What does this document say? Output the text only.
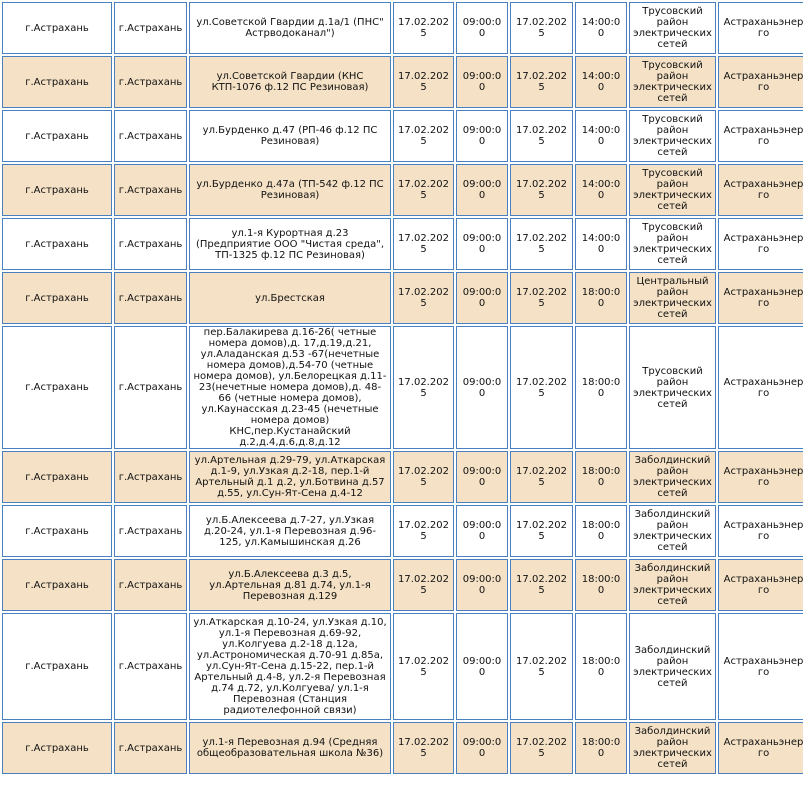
г.Астрахань	г.Астрахань	ул.Советской Гвардии д.1а/1 (ПНС" Астрводоканал")	17.02.2025	09:00:00	17.02.2025	14:00:00	Трусовский район электрических сетей	Астраханьэнерго
г.Астрахань	г.Астрахань	ул.Советской Гвардии (КНС КТП-1076 ф.12 ПС Резиновая)	17.02.2025	09:00:00	17.02.2025	14:00:00	Трусовский район электрических сетей	Астраханьэнерго
г.Астрахань	г.Астрахань	ул.Бурденко д.47 (РП-46 ф.12 ПС Резиновая)	17.02.2025	09:00:00	17.02.2025	14:00:00	Трусовский район электрических сетей	Астраханьэнерго
г.Астрахань	г.Астрахань	ул.Бурденко д.47а (ТП-542 ф.12 ПС Резиновая)	17.02.2025	09:00:00	17.02.2025	14:00:00	Трусовский район электрических сетей	Астраханьэнерго
г.Астрахань	г.Астрахань	ул.1-я Курортная д.23 (Предприятие ООО "Чистая среда", ТП-1325 ф.12 ПС Резиновая)	17.02.2025	09:00:00	17.02.2025	14:00:00	Трусовский район электрических сетей	Астраханьэнерго
г.Астрахань	г.Астрахань	ул.Брестская	17.02.2025	09:00:00	17.02.2025	18:00:00	Центральный район электрических сетей	Астраханьэнерго
г.Астрахань	г.Астрахань	пер.Балакирева д.16-26( четные номера домов),д. 17,д.19,д.21, ул.Аладанская д.53 -67(нечетные номера домов),д.54-70 (четные номера домов), ул.Белорецкая д.11-23(нечетные номера домов),д. 48-66 (четные номера домов), ул.Каунасская д.23-45 (нечетные номера домов) КНС,пер.Кустанайский д.2,д.4,д.6,д.8,д.12	17.02.2025	09:00:00	17.02.2025	18:00:00	Трусовский район электрических сетей	Астраханьэнерго
г.Астрахань	г.Астрахань	ул.Артельная д.29-79, ул.Аткарская д.1-9, ул.Узкая д.2-18, пер.1-й Артельный д.1 д.2, ул.Ботвина д.57 д.55, ул.Сун-Ят-Сена д.4-12	17.02.2025	09:00:00	17.02.2025	18:00:00	Заболдинский район электрических сетей	Астраханьэнерго
г.Астрахань	г.Астрахань	ул.Б.Алексеева д.7-27, ул.Узкая д.20-24, ул.1-я Перевозная д.96-125, ул.Камышинская д.26	17.02.2025	09:00:00	17.02.2025	18:00:00	Заболдинский район электрических сетей	Астраханьэнерго
г.Астрахань	г.Астрахань	ул.Б.Алексеева д.3 д.5, ул.Артельная д.81 д.74, ул.1-я Перевозная д.129	17.02.2025	09:00:00	17.02.2025	18:00:00	Заболдинский район электрических сетей	Астраханьэнерго
г.Астрахань	г.Астрахань	ул.Аткарская д.10-24, ул.Узкая д.10, ул.1-я Перевозная д.69-92, ул.Колгуева д.2-18 д.12а, ул.Астрономическая д.70-91 д.85а, ул.Сун-Ят-Сена д.15-22, пер.1-й Артельный д.4-8, ул.2-я Перевозная д.74 д.72, ул.Колгуева/ ул.1-я Перевозная (Станция радиотелефонной связи)	17.02.2025	09:00:00	17.02.2025	18:00:00	Заболдинский район электрических сетей	Астраханьэнерго
г.Астрахань	г.Астрахань	ул.1-я Перевозная д.94 (Средняя общеобразовательная школа №36)	17.02.2025	09:00:00	17.02.2025	18:00:00	Заболдинский район электрических сетей	Астраханьэнерго
